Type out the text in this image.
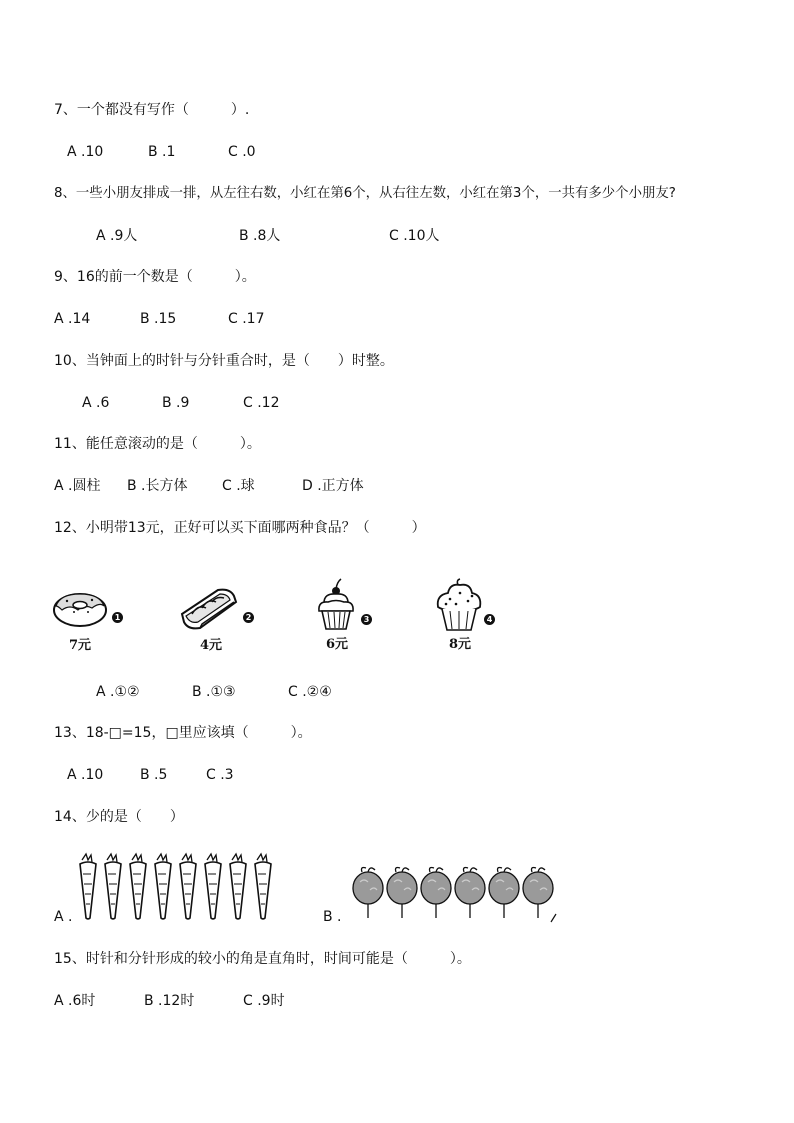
7、一个都没有写作（　　　）.
A .10	B .1	C .0
8、一些小朋友排成一排，从左往右数，小红在第6个，从右往左数，小红在第3个，一共有多少个小朋友?
A .9人	B .8人	C .10人
9、16的前一个数是（　　　）。
A .14	B .15	C .17
10、当钟面上的时针与分针重合时，是（　　）时整。
A .6	B .9	C .12
11、能任意滚动的是（　　　）。
A .圆柱 B .长方体 C .球	D .正方体
12、小明带13元，正好可以买下面哪两种食品？（　　　）
1
7元
2
4元
3
6元
4
8元
A .①②	B .①③	C .②④
13、18-□=15，□里应该填（　　　）。
A .10	B .5	C .3
14、少的是（　　）
A .	B .
15、时针和分针形成的较小的角是直角时，时间可能是（　　　）。
A .6时	B .12时	C .9时
